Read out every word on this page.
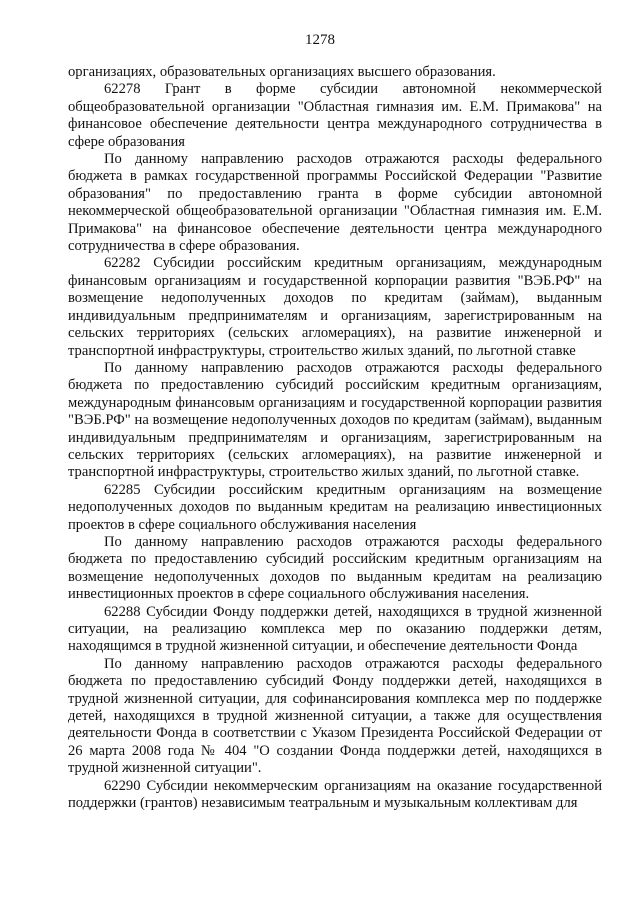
1278

организациях, образовательных организациях высшего образования.

62278 Грант в форме субсидии автономной некоммерческой общеобразовательной организации "Областная гимназия им. Е.М. Примакова" на финансовое обеспечение деятельности центра международного сотрудничества в сфере образования

По данному направлению расходов отражаются расходы федерального бюджета в рамках государственной программы Российской Федерации "Развитие образования" по предоставлению гранта в форме субсидии автономной некоммерческой общеобразовательной организации "Областная гимназия им. Е.М. Примакова" на финансовое обеспечение деятельности центра международного сотрудничества в сфере образования.

62282 Субсидии российским кредитным организациям, международным финансовым организациям и государственной корпорации развития "ВЭБ.РФ" на возмещение недополученных доходов по кредитам (займам), выданным индивидуальным предпринимателям и организациям, зарегистрированным на сельских территориях (сельских агломерациях), на развитие инженерной и транспортной инфраструктуры, строительство жилых зданий, по льготной ставке

По данному направлению расходов отражаются расходы федерального бюджета по предоставлению субсидий российским кредитным организациям, международным финансовым организациям и государственной корпорации развития "ВЭБ.РФ" на возмещение недополученных доходов по кредитам (займам), выданным индивидуальным предпринимателям и организациям, зарегистрированным на сельских территориях (сельских агломерациях), на развитие инженерной и транспортной инфраструктуры, строительство жилых зданий, по льготной ставке.

62285 Субсидии российским кредитным организациям на возмещение недополученных доходов по выданным кредитам на реализацию инвестиционных проектов в сфере социального обслуживания населения

По данному направлению расходов отражаются расходы федерального бюджета по предоставлению субсидий российским кредитным организациям на возмещение недополученных доходов по выданным кредитам на реализацию инвестиционных проектов в сфере социального обслуживания населения.

62288 Субсидии Фонду поддержки детей, находящихся в трудной жизненной ситуации, на реализацию комплекса мер по оказанию поддержки детям, находящимся в трудной жизненной ситуации, и обеспечение деятельности Фонда

По данному направлению расходов отражаются расходы федерального бюджета по предоставлению субсидий Фонду поддержки детей, находящихся в трудной жизненной ситуации, для софинансирования комплекса мер по поддержке детей, находящихся в трудной жизненной ситуации, а также для осуществления деятельности Фонда в соответствии с Указом Президента Российской Федерации от 26 марта 2008 года № 404 "О создании Фонда поддержки детей, находящихся в трудной жизненной ситуации".

62290 Субсидии некоммерческим организациям на оказание государственной поддержки (грантов) независимым театральным и музыкальным коллективам для
